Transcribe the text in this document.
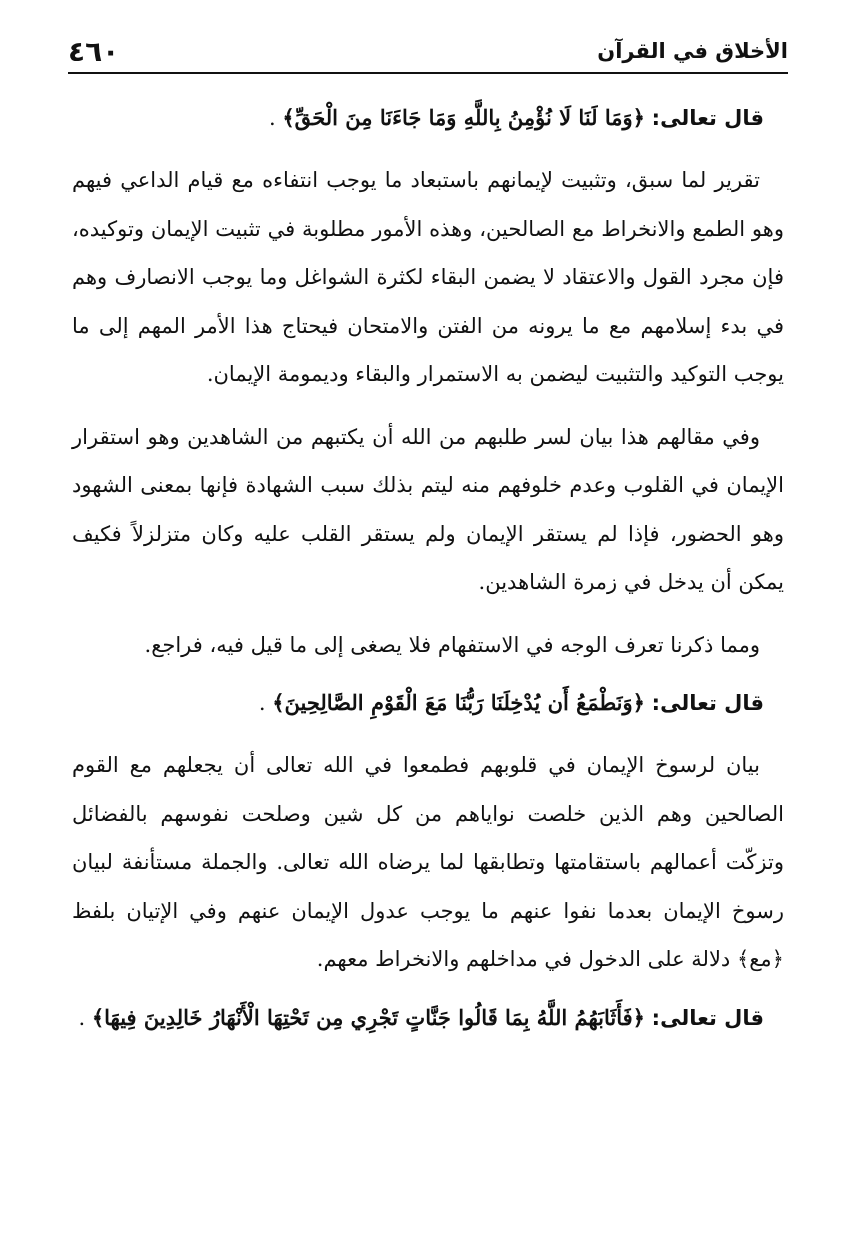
٤٦٠	الأخلاق في القرآن
قال تعالى: ﴿وَمَا لَنَا لَا نُؤْمِنُ بِاللَّهِ وَمَا جَاءَنَا مِنَ الْحَقِّ﴾ .

تقرير لما سبق، وتثبيت لإيمانهم باستبعاد ما يوجب انتفاءه مع قيام الداعي فيهم وهو الطمع والانخراط مع الصالحين، وهذه الأمور مطلوبة في تثبيت الإيمان وتوكيده، فإن مجرد القول والاعتقاد لا يضمن البقاء لكثرة الشواغل وما يوجب الانصارف وهم في بدء إسلامهم مع ما يرونه من الفتن والامتحان فيحتاج هذا الأمر المهم إلى ما يوجب التوكيد والتثبيت ليضمن به الاستمرار والبقاء وديمومة الإيمان.

وفي مقالهم هذا بيان لسر طلبهم من الله أن يكتبهم من الشاهدين وهو استقرار الإيمان في القلوب وعدم خلوفهم منه ليتم بذلك سبب الشهادة فإنها بمعنى الشهود وهو الحضور، فإذا لم يستقر الإيمان ولم يستقر القلب عليه وكان متزلزلاً فكيف يمكن أن يدخل في زمرة الشاهدين.

ومما ذكرنا تعرف الوجه في الاستفهام فلا يصغى إلى ما قيل فيه، فراجع.

قال تعالى: ﴿وَنَطْمَعُ أَن يُدْخِلَنَا رَبُّنَا مَعَ الْقَوْمِ الصَّالِحِينَ﴾ .

بيان لرسوخ الإيمان في قلوبهم فطمعوا في الله تعالى أن يجعلهم مع القوم الصالحين وهم الذين خلصت نواياهم من كل شين وصلحت نفوسهم بالفضائل وتزكّت أعمالهم باستقامتها وتطابقها لما يرضاه الله تعالى. والجملة مستأنفة لبيان رسوخ الإيمان بعدما نفوا عنهم ما يوجب عدول الإيمان عنهم وفي الإتيان بلفظ ﴿مع﴾ دلالة على الدخول في مداخلهم والانخراط معهم.

قال تعالى: ﴿فَأَثَابَهُمُ اللَّهُ بِمَا قَالُوا جَنَّاتٍ تَجْرِي مِن تَحْتِهَا الْأَنْهَارُ خَالِدِينَ فِيهَا﴾ .
